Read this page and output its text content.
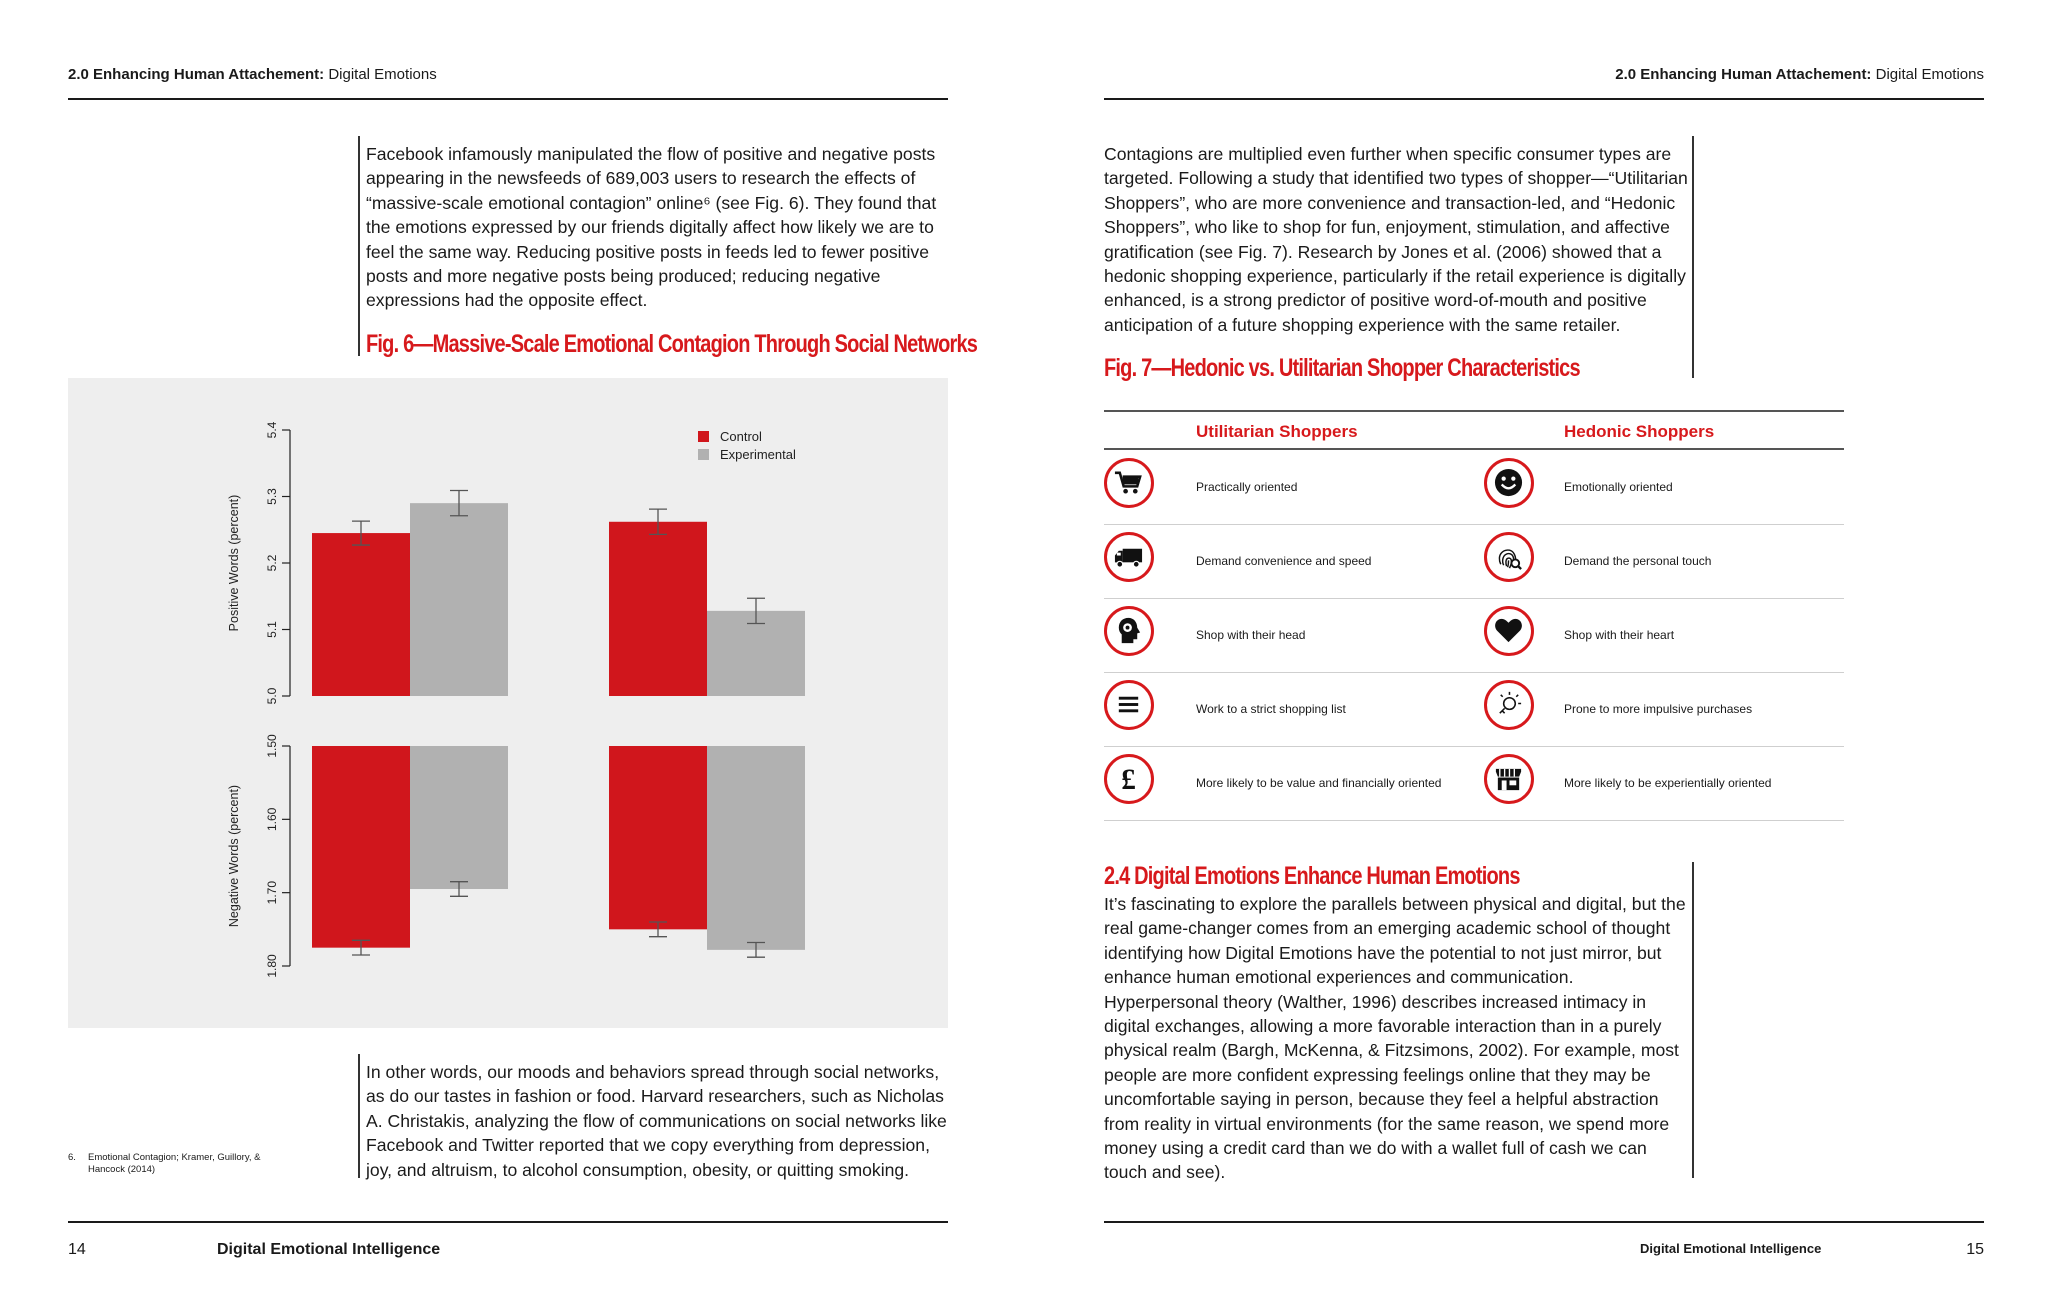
2.0 Enhancing Human Attachement: Digital Emotions
Facebook infamously manipulated the flow of positive and negative posts appearing in the newsfeeds of 689,003 users to research the effects of “massive-scale emotional contagion” online⁶ (see Fig. 6). They found that the emotions expressed by our friends digitally affect how likely we are to feel the same way. Reducing positive posts in feeds led to fewer positive posts and more negative posts being produced; reducing negative expressions had the opposite effect.
Fig. 6—Massive-Scale Emotional Contagion Through Social Networks
5.0
5.1
5.2
5.3
5.4
Positive Words (percent)
1.50
1.60
1.70
1.80
Negative Words (percent)
Control
Experimental
In other words, our moods and behaviors spread through social networks, as do our tastes in fashion or food. Harvard researchers, such as Nicholas A. Christakis, analyzing the flow of communications on social networks like Facebook and Twitter reported that we copy everything from depression, joy, and altruism, to alcohol consumption, obesity, or quitting smoking.
6. Emotional Contagion; Kramer, Guillory, & Hancock (2014)
14	Digital Emotional Intelligence
2.0 Enhancing Human Attachement: Digital Emotions
Contagions are multiplied even further when specific consumer types are targeted. Following a study that identified two types of shopper—“Utilitarian Shoppers”, who are more convenience and transaction-led, and “Hedonic Shoppers”, who like to shop for fun, enjoyment, stimulation, and affective gratification (see Fig. 7). Research by Jones et al. (2006) showed that a hedonic shopping experience, particularly if the retail experience is digitally enhanced, is a strong predictor of positive word-of-mouth and positive anticipation of a future shopping experience with the same retailer.
Fig. 7—Hedonic vs. Utilitarian Shopper Characteristics
Utilitarian Shoppers	Hedonic Shoppers
Practically oriented	Emotionally oriented
Demand convenience and speed	Demand the personal touch
Shop with their head	Shop with their heart
Work to a strict shopping list	Prone to more impulsive purchases
£	More likely to be value and financially oriented	More likely to be experientially oriented
2.4 Digital Emotions Enhance Human Emotions
It’s fascinating to explore the parallels between physical and digital, but the real game-changer comes from an emerging academic school of thought identifying how Digital Emotions have the potential to not just mirror, but enhance human emotional experiences and communication. Hyperpersonal theory (Walther, 1996) describes increased intimacy in digital exchanges, allowing a more favorable interaction than in a purely physical realm (Bargh, McKenna, & Fitzsimons, 2002). For example, most people are more confident expressing feelings online that they may be uncomfortable saying in person, because they feel a helpful abstraction from reality in virtual environments (for the same reason, we spend more money using a credit card than we do with a wallet full of cash we can touch and see).
Digital Emotional Intelligence	15
